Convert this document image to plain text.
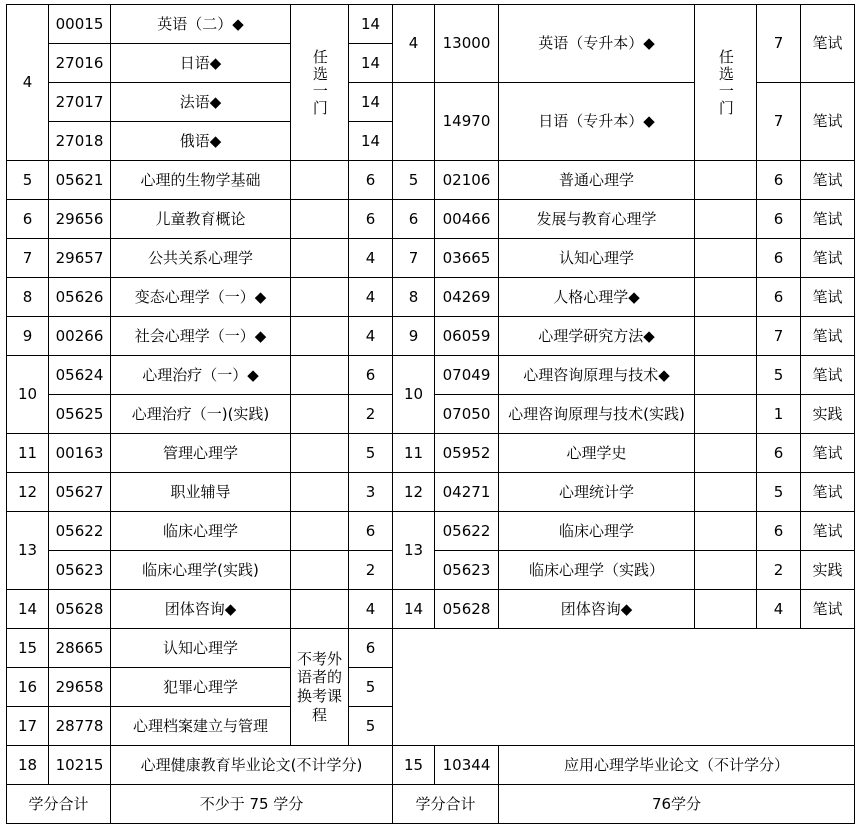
4	00015	英语（二）◆	任选一门	14	4	13000	英语（专升本）◆	任选一门	7	笔试
	27016	日语◆		14						
	27017	法语◆		14		14970	日语（专升本）◆		7	笔试
	27018	俄语◆		14						
5	05621	心理的生物学基础		6	5	02106	普通心理学		6	笔试
6	29656	儿童教育概论		6	6	00466	发展与教育心理学		6	笔试
7	29657	公共关系心理学		4	7	03665	认知心理学		6	笔试
8	05626	变态心理学（一）◆		4	8	04269	人格心理学◆		6	笔试
9	00266	社会心理学（一）◆		4	9	06059	心理学研究方法◆		7	笔试
10	05624	心理治疗（一）◆		6	10	07049	心理咨询原理与技术◆		5	笔试
	05625	心理治疗（一)(实践)		2		07050	心理咨询原理与技术(实践)		1	实践
11	00163	管理心理学		5	11	05952	心理学史		6	笔试
12	05627	职业辅导		3	12	04271	心理统计学		5	笔试
13	05622	临床心理学		6	13	05622	临床心理学		6	笔试
	05623	临床心理学(实践)		2		05623	临床心理学（实践）		2	实践
14	05628	团体咨询◆		4	14	05628	团体咨询◆		4	笔试
15	28665	认知心理学	不考外语者的换考课程	6						
16	29658	犯罪心理学		5						
17	28778	心理档案建立与管理		5						
18	10215	心理健康教育毕业论文(不计学分)			15	10344	应用心理学毕业论文（不计学分）			
学分合计		不少于 75 学分			学分合计		76学分			
